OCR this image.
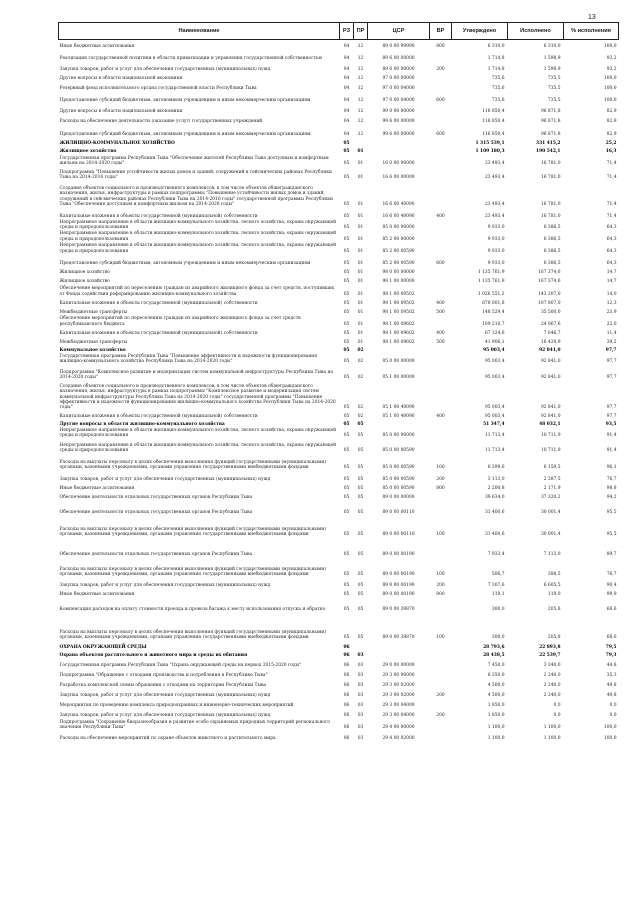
13
Наименование	РЗ	ПР	ЦСР	ВР	Утверждено	Исполнено	% исполнения
Иные бюджетные ассигнования	04	12	89 0 00 99990	800	6 310,0	6 310,0	100,0
Реализация государственной политики в области приватизации и управления государственной собственностью	04	12	89 6 00 00000		1 714,8	1 598,9	93,2
Закупка товаров, работ и услуг для обеспечения государственных (муниципальных) нужд	04	12	89 6 00 00000	200	1 714,8	1 598,9	93,2
Другие вопросы в области национальной экономики	04	12	97 0 00 00000		735,6	735,5	100,0
Резервный фонд исполнительного органа государственной власти Республики Тыва	04	12	97 0 00 04000		735,6	735,5	100,0
Предоставление субсидий бюджетным, автономным учреждениям и иным некоммерческим организациям	04	12	97 0 00 04000	600	735,6	735,5	100,0
Другие вопросы в области национальной экономики	04	12	99 0 00 00000		116 850,4	96 871,8	82,9
Расходы на обеспечение деятельности (оказание услуг) государственных учреждений	04	12	99 6 00 00000		116 850,4	96 871,8	82,9
Предоставление субсидий бюджетным, автономным учреждениям и иным некоммерческим организациям	04	12	99 6 00 00000	600	116 850,4	96 871,8	82,9
ЖИЛИЩНО-КОММУНАЛЬНОЕ ХОЗЯЙСТВО	05				1 315 539,1	331 415,2	25,2
Жилищное хозяйство	05	01			1 109 180,3	190 542,1	16,3
Государственная программа Республики Тыва "Обеспечение жителей Республики Тыва доступным и комфортным жильем на 2014-2020 годы"	05	01	16 0 00 00000		23 493,4	16 781,0	71,4
Подпрограмма "Повышение устойчивости жилых домов и зданий, сооружений в сейсмических районах Республики Тыва на 2014-2016 годы"	05	01	16 6 00 00000		23 493,4	16 781,0	71,4
Создание объектов социального и производственного комплексов, в том числе объектов общегражданского назначения, жилья, инфраструктуры в рамках подпрограммы "Повышение устойчивости жилых домов и зданий, сооружений в сейсмических районах Республики Тыва на 2014-2016 годы" государственной программы Республики Тыва "Обеспечение доступным и комфортным жильем на 2014-2020 годы"	05	01	16 6 00 40090		23 493,4	16 781,0	71,4
Капитальные вложения в объекты государственной (муниципальной) собственности	05	01	16 6 00 40090	400	23 493,4	16 781,0	71,4
Непрограммное направление в области жилищно-коммунального хозяйства, лесного хозяйства, охраны окружающей среды и природопользования	05	01	85 0 00 00000		9 933,0	6 386,5	64,3
Непрограммное направление в области жилищно-коммунального хозяйства, лесного хозяйства, охраны окружающей среды и природопользования	05	01	85 2 00 00000		9 933,0	6 386,5	64,3
Непрограммное направление в области жилищно-коммунального хозяйства, лесного хозяйства, охраны окружающей среды и природопользования	05	01	85 2 00 00590		9 933,0	6 386,5	64,3
Предоставление субсидий бюджетным, автономным учреждениям и иным некоммерческим организациям	05	01	85 2 00 00590	600	9 933,0	6 386,5	64,3
Жилищное хозяйство	05	01	98 0 00 00000		1 135 761,9	167 374,6	14,7
Жилищное хозяйство	05	01	98 1 00 00000		1 135 761,9	167 374,6	14,7
Обеспечение мероприятий по переселению граждан из аварийного жилищного фонда за счет средств, поступивших от Фонда содействия реформированию жилищно-коммунального хозяйства	05	01	98 1 00 09502		1 026 551,2	143 307,0	14,0
Капитальные вложения в объекты государственной (муниципальной) собственности	05	01	98 1 00 09502	400	878 001,8	107 807,0	12,3
Межбюджетные трансферты	05	01	98 1 00 09502	500	148 529,4	35 500,0	23,9
Обеспечение мероприятий по переселению граждан из аварийного жилищного фонда за счет средств республиканского бюджета	05	01	98 1 00 09602		109 210,7	24 067,6	22,0
Капитальные вложения в объекты государственной (муниципальной) собственности	05	01	98 1 00 09602	400	67 324,6	7 646,7	11,4
Межбюджетные трансферты	05	01	98 1 00 09602	500	41 906,1	16 420,9	39,2
Коммунальное хозяйство	05	02			95 003,4	92 841,0	97,7
Государственная программа Республики Тыва "Повышение эффективности и надежности функционирования жилищно-коммунального хозяйства Республики Тыва на 2014-2020 годы"	05	02	05 0 00 00000		95 003,4	92 841,0	97,7
Подпрограмма "Комплексное развитие и модернизация систем коммунальной инфраструктуры Республики Тыва на 2014-2020 годы"	05	02	05 1 00 00000		95 003,4	92 841,0	97,7
Создание объектов социального и производственного комплексов, в том числе объектов общегражданского назначения, жилья, инфраструктуры в рамках подпрограммы "Комплексное развитие и модернизация систем коммунальной инфраструктуры Республики Тыва на 2014-2020 годы" государственной программы "Повышение эффективности и надежности функционирования жилищно-коммунального хозяйства Республики Тыва на 2014-2020 годы"	05	02	05 1 00 40090		95 003,4	92 841,0	97,7
Капитальные вложения в объекты государственной (муниципальной) собственности	05	02	05 1 00 40090	400	95 003,4	92 841,0	97,7
Другие вопросы в области жилищно-коммунального хозяйства	05	05			51 347,4	48 032,1	93,5
Непрограммное направление в области жилищно-коммунального хозяйства, лесного хозяйства, охраны окружающей среды и природопользования	05	05	85 0 00 00000		11 713,4	10 711,9	91,4
Непрограммное направление в области жилищно-коммунального хозяйства, лесного хозяйства, охраны окружающей среды и природопользования	05	05	85 0 00 00590		11 713,4	10 711,9	91,4
Расходы на выплаты персоналу в целях обеспечения выполнения функций государственными (муниципальными) органами, казенными учреждениями, органами управления государственными внебюджетными фондами	05	05	85 0 00 00590	100	6 399,6	6 159,5	96,1
Закупка товаров, работ и услуг для обеспечения государственных (муниципальных) нужд	05	05	85 0 00 00590	200	3 113,0	2 387,5	76,7
Иные бюджетные ассигнования	05	05	85 0 00 00590	800	2 200,8	2 171,9	98,8
Обеспечение деятельности отдельных государственных органов Республики Тыва	05	05	89 0 00 00000		39 634,0	37 320,2	94,2
Обеспечение деятельности отдельных государственных органов Республики Тыва	05	05	89 0 00 00110		31 400,6	30 001,4	95,5
Расходы на выплаты персоналу в целях обеспечения выполнения функций государственными (муниципальными) органами, казенными учреждениями, органами управления государственными внебюджетными фондами	05	05	89 0 00 00110	100	31 400,6	30 001,4	95,5
Обеспечение деятельности отдельных государственных органов Республики Тыва	05	05	89 0 00 00190		7 933,4	7 113,0	89,7
Расходы на выплаты персоналу в целях обеспечения выполнения функций государственными (муниципальными) органами, казенными учреждениями, органами управления государственными внебюджетными фондами	05	05	89 0 00 00190	100	506,7	388,5	76,7
Закупка товаров, работ и услуг для обеспечения государственных (муниципальных) нужд	05	05	89 0 00 00190	200	7 307,6	6 605,5	90,4
Иные бюджетные ассигнования	05	05	89 0 00 00190	800	119,1	119,0	99,9
Компенсация расходов на оплату стоимости проезда и провоза багажа к месту использования отпуска и обратно	05	05	89 0 00 39870		300,0	205,8	68,6
Расходы на выплаты персоналу в целях обеспечения выполнения функций государственными (муниципальными) органами, казенными учреждениями, органами управления государственными внебюджетными фондами	05	05	89 0 00 39870	100	300,0	205,8	68,6
ОХРАНА ОКРУЖАЮЩЕЙ СРЕДЫ	06				28 793,6	22 893,8	79,5
Охрана объектов растительного и животного мира и среды их обитания	06	03			28 438,5	22 539,7	79,3
Государственная программа Республики Тыва "Охрана окружающей среды на период 2015-2020 годы"	06	03	29 0 00 00000		7 450,0	3 340,0	44,8
Подпрограмма "Обращение с отходами производства и потребления в Республике Тыва"	06	03	29 3 00 00000		6 350,0	2 240,0	35,3
Разработка комплексной схемы обращения с отходами на территории Республики Тыва	06	03	29 3 00 02000		4 500,0	2 240,0	49,8
Закупка товаров, работ и услуг для обеспечения государственных (муниципальных) нужд	06	03	29 3 00 02000	200	4 500,0	2 240,0	49,8
Мероприятия по проведению комплекса природоохранных и инженерно-технических мероприятий	06	03	29 3 00 04000		1 850,0	0,0	0,0
Закупка товаров, работ и услуг для обеспечения государственных (муниципальных) нужд	06	03	29 3 00 04000	200	1 850,0	0,0	0,0
Подпрограмма "Сохранение биоразнообразия и развитие особо охраняемых природных территорий регионального значения Республики Тыва"	06	03	29 4 00 00000		1 100,0	1 100,0	100,0
Расходы на обеспечение мероприятий по охране объектов животного и растительного мира	06	03	29 4 00 02000		1 100,0	1 100,0	100,0
